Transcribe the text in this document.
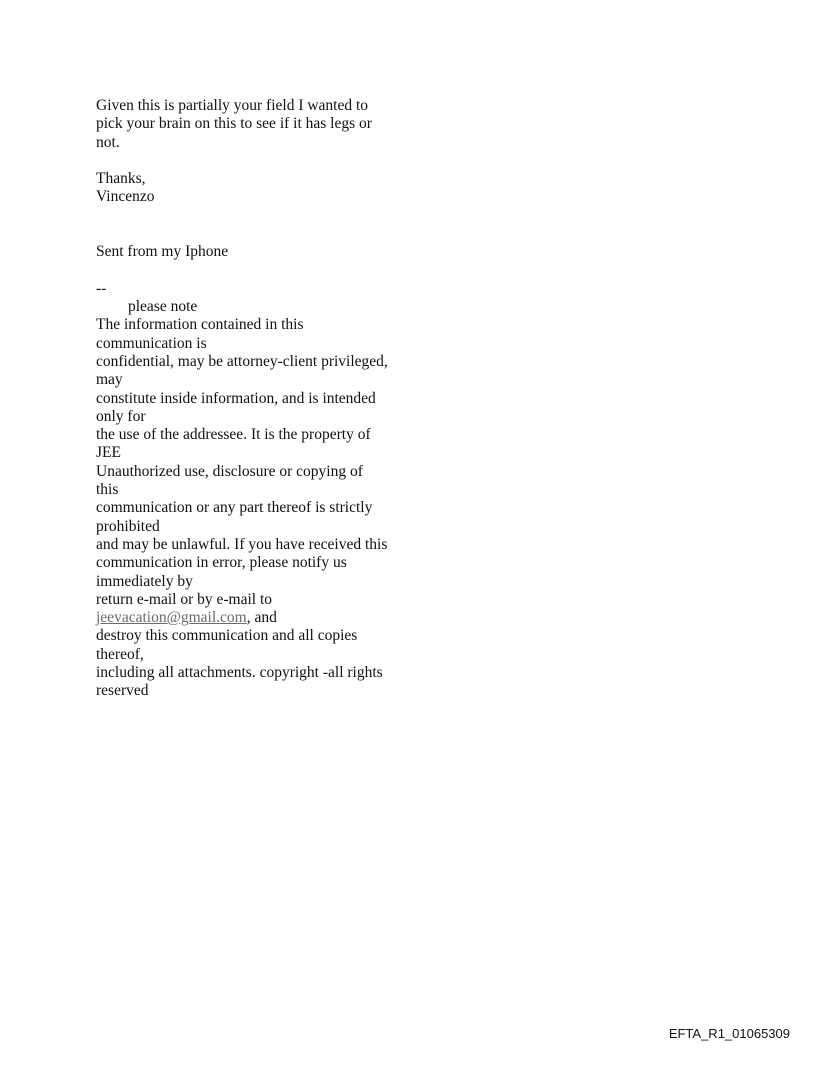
Given this is partially your field I wanted to
pick your brain on this to see if it has legs or
not.

Thanks,
Vincenzo

Sent from my Iphone

--
please note
The information contained in this
communication is
confidential, may be attorney-client privileged,
may
constitute inside information, and is intended
only for
the use of the addressee. It is the property of
JEE
Unauthorized use, disclosure or copying of
this
communication or any part thereof is strictly
prohibited
and may be unlawful. If you have received this
communication in error, please notify us
immediately by
return e-mail or by e-mail to
jeevacation@gmail.com, and
destroy this communication and all copies
thereof,
including all attachments. copyright -all rights
reserved
EFTA_R1_01065309
